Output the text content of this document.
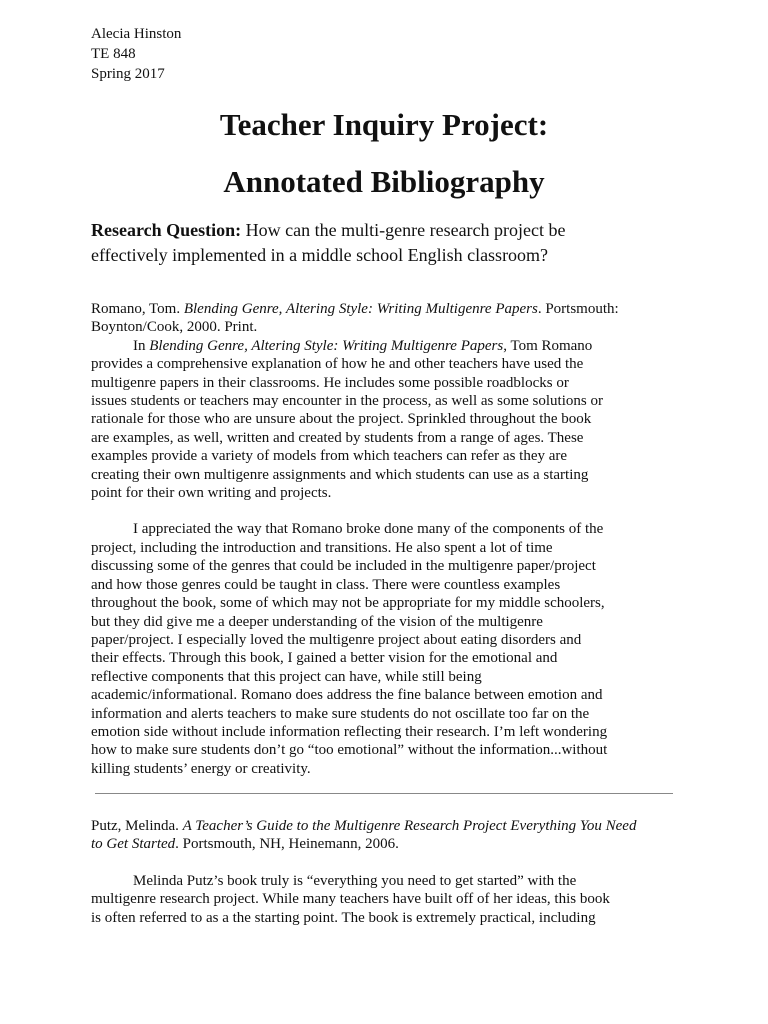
Alecia Hinston
TE 848
Spring 2017
Teacher Inquiry Project:
Annotated Bibliography
Research Question: How can the multi-genre research project be
effectively implemented in a middle school English classroom?

Romano, Tom. Blending Genre, Altering Style: Writing Multigenre Papers. Portsmouth:
Boynton/Cook, 2000. Print.

In Blending Genre, Altering Style: Writing Multigenre Papers, Tom Romano
provides a comprehensive explanation of how he and other teachers have used the
multigenre papers in their classrooms. He includes some possible roadblocks or
issues students or teachers may encounter in the process, as well as some solutions or
rationale for those who are unsure about the project. Sprinkled throughout the book
are examples, as well, written and created by students from a range of ages. These
examples provide a variety of models from which teachers can refer as they are
creating their own multigenre assignments and which students can use as a starting
point for their own writing and projects.

I appreciated the way that Romano broke done many of the components of the
project, including the introduction and transitions. He also spent a lot of time
discussing some of the genres that could be included in the multigenre paper/project
and how those genres could be taught in class. There were countless examples
throughout the book, some of which may not be appropriate for my middle schoolers,
but they did give me a deeper understanding of the vision of the multigenre
paper/project. I especially loved the multigenre project about eating disorders and
their effects. Through this book, I gained a better vision for the emotional and
reflective components that this project can have, while still being
academic/informational. Romano does address the fine balance between emotion and
information and alerts teachers to make sure students do not oscillate too far on the
emotion side without include information reflecting their research. I’m left wondering
how to make sure students don’t go “too emotional” without the information...without
killing students’ energy or creativity.

Putz, Melinda. A Teacher’s Guide to the Multigenre Research Project Everything You Need
to Get Started. Portsmouth, NH, Heinemann, 2006.

Melinda Putz’s book truly is “everything you need to get started” with the
multigenre research project. While many teachers have built off of her ideas, this book
is often referred to as a the starting point. The book is extremely practical, including
